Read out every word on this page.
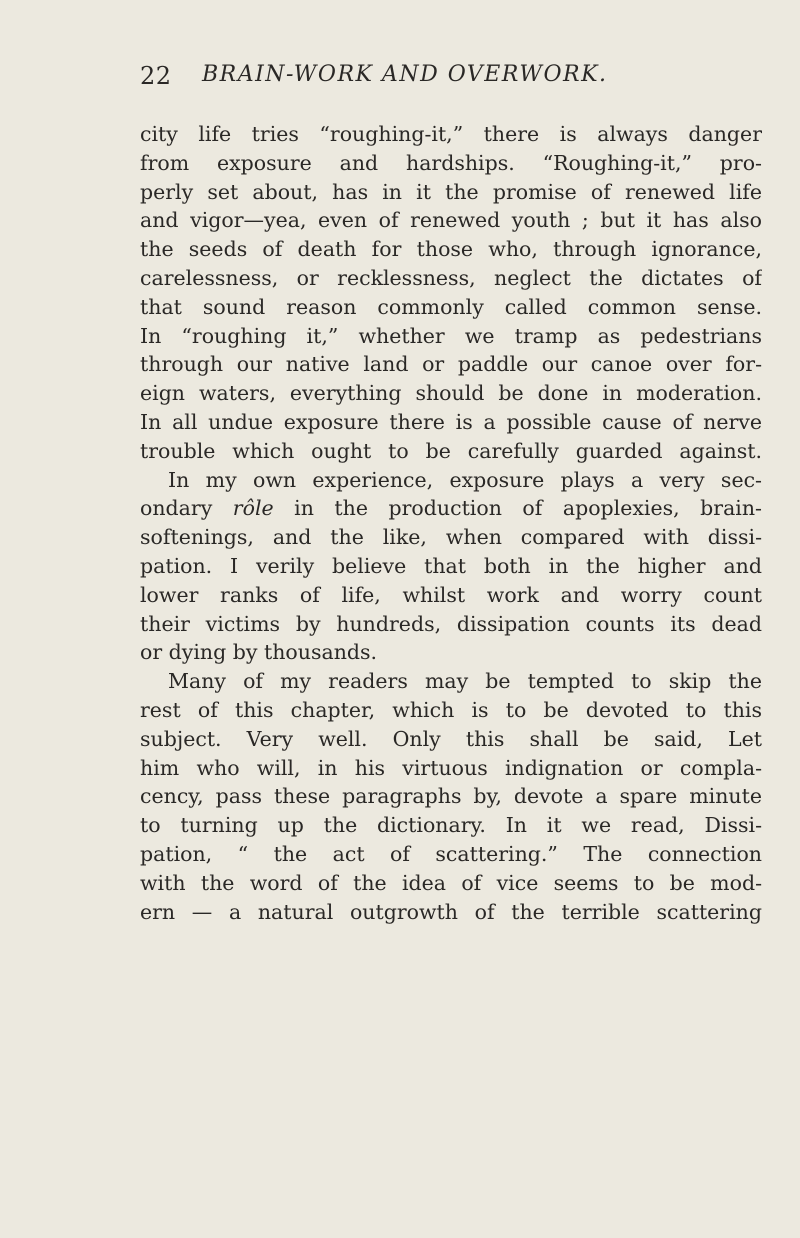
22 BRAIN-WORK AND OVERWORK.
city life tries “roughing-it,” there is always danger
from exposure and hardships. “Roughing-it,” pro-
perly set about, has in it the promise of renewed life
and vigor—yea, even of renewed youth ; but it has also
the seeds of death for those who, through ignorance,
carelessness, or recklessness, neglect the dictates of
that sound reason commonly called common sense.
In “roughing it,” whether we tramp as pedestrians
through our native land or paddle our canoe over for-
eign waters, everything should be done in moderation.
In all undue exposure there is a possible cause of nerve
trouble which ought to be carefully guarded against.
In my own experience, exposure plays a very sec-
ondary rôle in the production of apoplexies, brain-
softenings, and the like, when compared with dissi-
pation. I verily believe that both in the higher and
lower ranks of life, whilst work and worry count
their victims by hundreds, dissipation counts its dead
or dying by thousands.
Many of my readers may be tempted to skip the
rest of this chapter, which is to be devoted to this
subject. Very well. Only this shall be said, Let
him who will, in his virtuous indignation or compla-
cency, pass these paragraphs by, devote a spare minute
to turning up the dictionary. In it we read, Dissi-
pation, “ the act of scattering.” The connection
with the word of the idea of vice seems to be mod-
ern — a natural outgrowth of the terrible scattering
